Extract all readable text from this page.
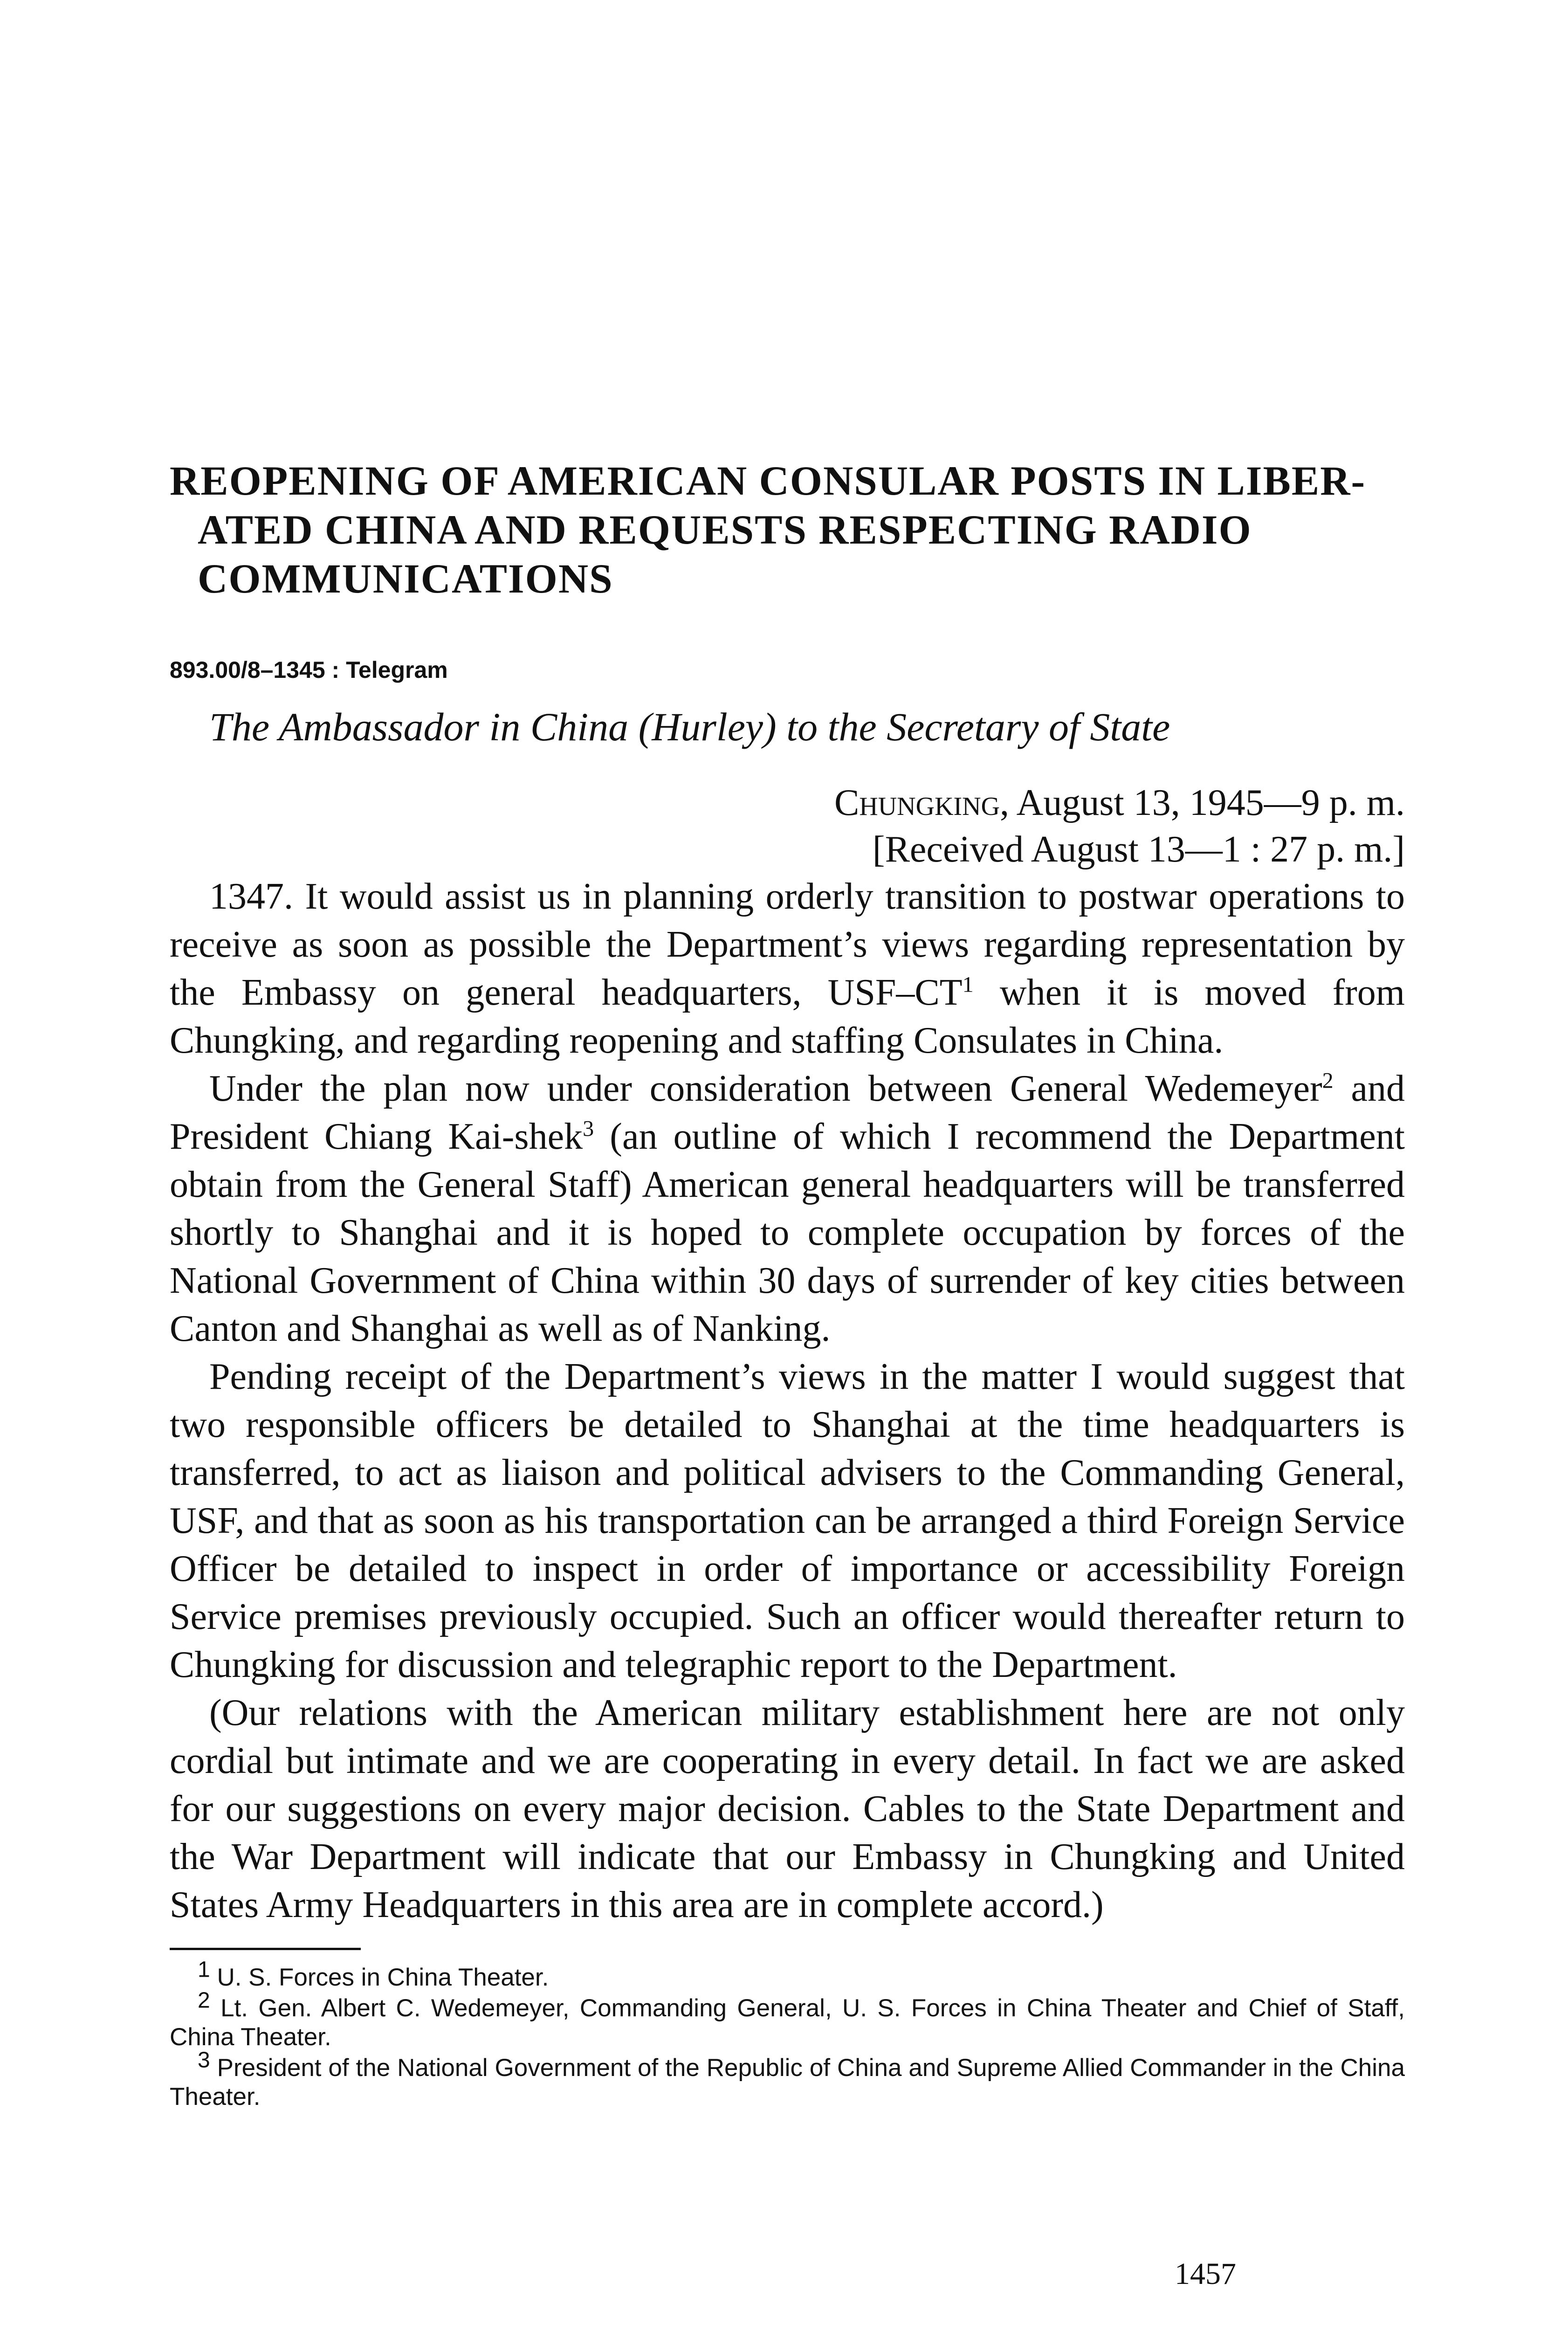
REOPENING OF AMERICAN CONSULAR POSTS IN LIBER-
ATED CHINA AND REQUESTS RESPECTING RADIO
COMMUNICATIONS
893.00/8–1345 : Telegram
The Ambassador in China (Hurley) to the Secretary of State
Chungking, August 13, 1945—9 p. m.
[Received August 13—1 : 27 p. m.]

1347. It would assist us in planning orderly transition to postwar operations to receive as soon as possible the Department’s views regarding representation by the Embassy on general headquarters, USF–CT$^1$ when it is moved from Chungking, and regarding reopening and staffing Consulates in China.

Under the plan now under consideration between General Wedemeyer$^2$ and President Chiang Kai-shek$^3$ (an outline of which I recommend the Department obtain from the General Staff) American general headquarters will be transferred shortly to Shanghai and it is hoped to complete occupation by forces of the National Government of China within 30 days of surrender of key cities between Canton and Shanghai as well as of Nanking.

Pending receipt of the Department’s views in the matter I would suggest that two responsible officers be detailed to Shanghai at the time headquarters is transferred, to act as liaison and political advisers to the Commanding General, USF, and that as soon as his transportation can be arranged a third Foreign Service Officer be detailed to inspect in order of importance or accessibility Foreign Service premises previously occupied. Such an officer would thereafter return to Chungking for discussion and telegraphic report to the Department.

(Our relations with the American military establishment here are not only cordial but intimate and we are cooperating in every detail. In fact we are asked for our suggestions on every major decision. Cables to the State Department and the War Department will indicate that our Embassy in Chungking and United States Army Headquarters in this area are in complete accord.)

$^1$ U. S. Forces in China Theater.

$^2$ Lt. Gen. Albert C. Wedemeyer, Commanding General, U. S. Forces in China Theater and Chief of Staff, China Theater.

$^3$ President of the National Government of the Republic of China and Supreme Allied Commander in the China Theater.

1457
